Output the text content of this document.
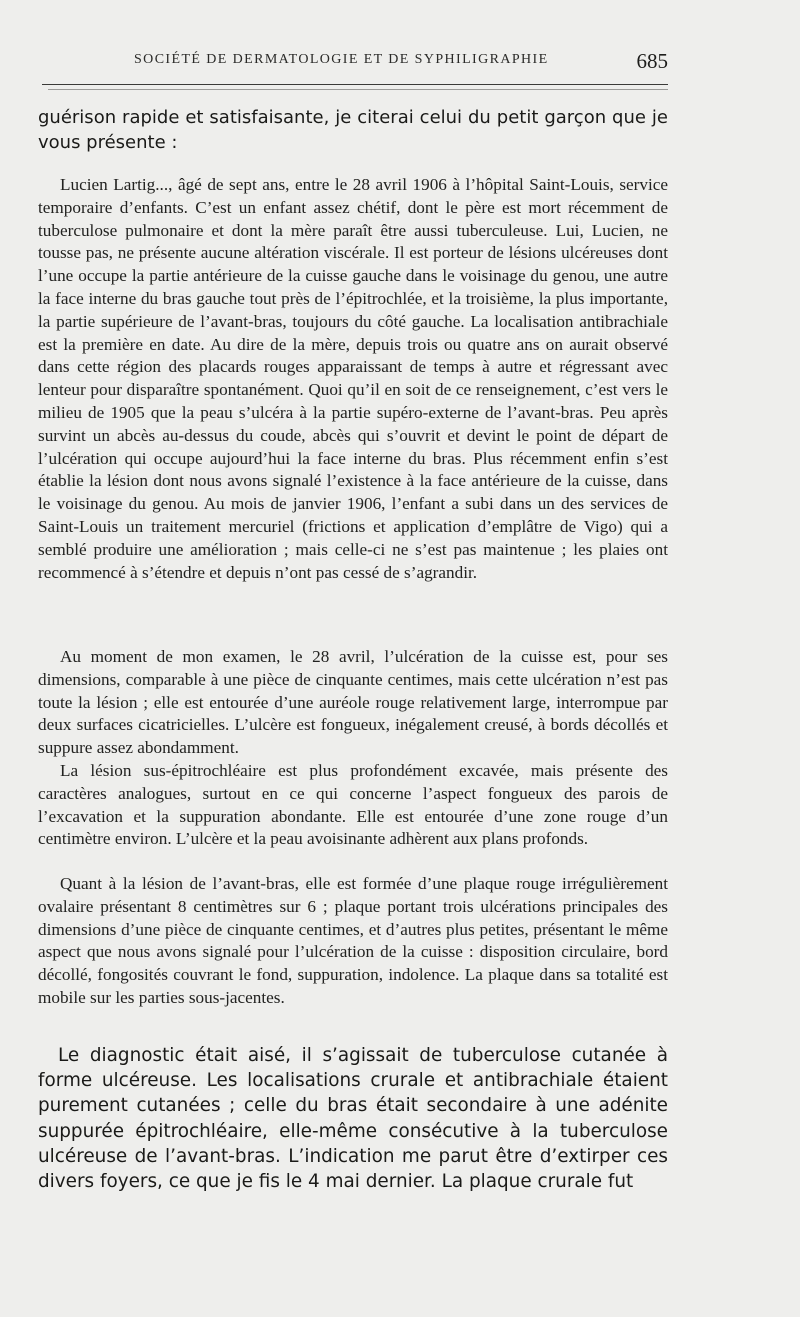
SOCIÉTÉ DE DERMATOLOGIE ET DE SYPHILIGRAPHIE	685

guérison rapide et satisfaisante, je citerai celui du petit garçon que je vous présente :

Lucien Lartig..., âgé de sept ans, entre le 28 avril 1906 à l’hôpital Saint-Louis, service temporaire d’enfants. C’est un enfant assez chétif, dont le père est mort récemment de tuberculose pulmonaire et dont la mère paraît être aussi tuberculeuse. Lui, Lucien, ne tousse pas, ne présente aucune altération viscérale. Il est porteur de lésions ulcéreuses dont l’une occupe la partie antérieure de la cuisse gauche dans le voisinage du genou, une autre la face interne du bras gauche tout près de l’épitrochlée, et la troisième, la plus importante, la partie supérieure de l’avant-bras, toujours du côté gauche. La localisation antibrachiale est la première en date. Au dire de la mère, depuis trois ou quatre ans on aurait observé dans cette région des placards rouges apparaissant de temps à autre et régressant avec lenteur pour disparaître spontanément. Quoi qu’il en soit de ce renseignement, c’est vers le milieu de 1905 que la peau s’ulcéra à la partie supéro-externe de l’avant-bras. Peu après survint un abcès au-dessus du coude, abcès qui s’ouvrit et devint le point de départ de l’ulcération qui occupe aujourd’hui la face interne du bras. Plus récemment enfin s’est établie la lésion dont nous avons signalé l’existence à la face antérieure de la cuisse, dans le voisinage du genou. Au mois de janvier 1906, l’enfant a subi dans un des services de Saint-Louis un traitement mercuriel (frictions et application d’emplâtre de Vigo) qui a semblé produire une amélioration ; mais celle-ci ne s’est pas maintenue ; les plaies ont recommencé à s’étendre et depuis n’ont pas cessé de s’agrandir.

Au moment de mon examen, le 28 avril, l’ulcération de la cuisse est, pour ses dimensions, comparable à une pièce de cinquante centimes, mais cette ulcération n’est pas toute la lésion ; elle est entourée d’une auréole rouge relativement large, interrompue par deux surfaces cicatricielles. L’ulcère est fongueux, inégalement creusé, à bords décollés et suppure assez abondamment.

La lésion sus-épitrochléaire est plus profondément excavée, mais présente des caractères analogues, surtout en ce qui concerne l’aspect fongueux des parois de l’excavation et la suppuration abondante. Elle est entourée d’une zone rouge d’un centimètre environ. L’ulcère et la peau avoisinante adhèrent aux plans profonds.

Quant à la lésion de l’avant-bras, elle est formée d’une plaque rouge irrégulièrement ovalaire présentant 8 centimètres sur 6 ; plaque portant trois ulcérations principales des dimensions d’une pièce de cinquante centimes, et d’autres plus petites, présentant le même aspect que nous avons signalé pour l’ulcération de la cuisse : disposition circulaire, bord décollé, fongosités couvrant le fond, suppuration, indolence. La plaque dans sa totalité est mobile sur les parties sous-jacentes.

Le diagnostic était aisé, il s’agissait de tuberculose cutanée à forme ulcéreuse. Les localisations crurale et antibrachiale étaient purement cutanées ; celle du bras était secondaire à une adénite suppurée épitrochléaire, elle-même consécutive à la tuberculose ulcéreuse de l’avant-bras. L’indication me parut être d’extirper ces divers foyers, ce que je fis le 4 mai dernier. La plaque crurale fut
